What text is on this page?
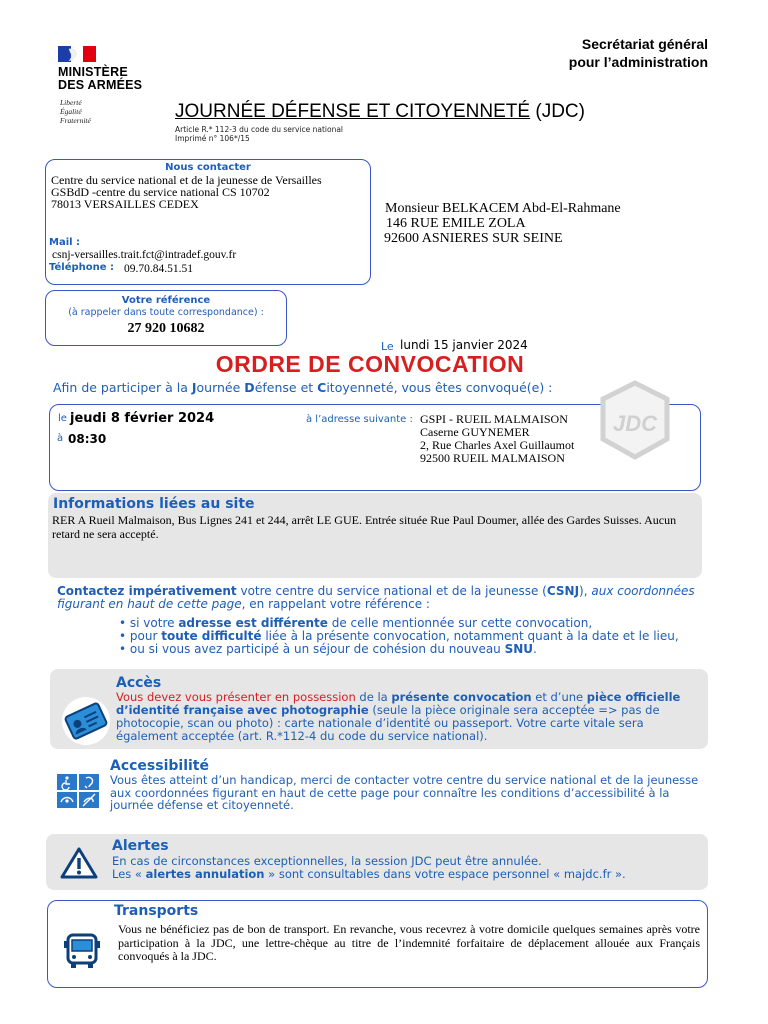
MINISTÈRE
DES ARMÉES
Liberté
Égalité
Fraternité
Secrétariat général
pour l’administration
JOURNÉE DÉFENSE ET CITOYENNETÉ (JDC)
Article R.* 112-3 du code du service national
Imprimé n° 106*/15
Nous contacter
Centre du service national et de la jeunesse de Versailles
GSBdD -centre du service national CS 10702
78013 VERSAILLES CEDEX
Mail :
csnj-versailles.trait.fct@intradef.gouv.fr
Téléphone : 09.70.84.51.51
Monsieur BELKACEM Abd-El-Rahmane
146 RUE EMILE ZOLA
92600 ASNIERES SUR SEINE
Votre référence
(à rappeler dans toute correspondance) :
27 920 10682
Le lundi 15 janvier 2024
ORDRE DE CONVOCATION
Afin de participer à la Journée Défense et Citoyenneté, vous êtes convoqué(e) :
le jeudi 8 février 2024
à 08:30
à l’adresse suivante : GSPI - RUEIL MALMAISON
Caserne GUYNEMER
2, Rue Charles Axel Guillaumot
92500 RUEIL MALMAISON
JDC
Informations liées au site
RER A Rueil Malmaison, Bus Lignes 241 et 244, arrêt LE GUE. Entrée située Rue Paul Doumer, allée des Gardes Suisses. Aucun retard ne sera accepté.
Contactez impérativement votre centre du service national et de la jeunesse (CSNJ), aux coordonnées figurant en haut de cette page, en rappelant votre référence :
• si votre adresse est différente de celle mentionnée sur cette convocation,
• pour toute difficulté liée à la présente convocation, notamment quant à la date et le lieu,
• ou si vous avez participé à un séjour de cohésion du nouveau SNU.
Accès
Vous devez vous présenter en possession de la présente convocation et d’une pièce officielle d’identité française avec photographie (seule la pièce originale sera acceptée => pas de photocopie, scan ou photo) : carte nationale d’identité ou passeport. Votre carte vitale sera également acceptée (art. R.*112-4 du code du service national).
Accessibilité
Vous êtes atteint d’un handicap, merci de contacter votre centre du service national et de la jeunesse aux coordonnées figurant en haut de cette page pour connaître les conditions d’accessibilité à la journée défense et citoyenneté.
Alertes
En cas de circonstances exceptionnelles, la session JDC peut être annulée.
Les « alertes annulation » sont consultables dans votre espace personnel « majdc.fr ».
Transports
Vous ne bénéficiez pas de bon de transport. En revanche, vous recevrez à votre domicile quelques semaines après votre participation à la JDC, une lettre-chèque au titre de l’indemnité forfaitaire de déplacement allouée aux Français convoqués à la JDC.
